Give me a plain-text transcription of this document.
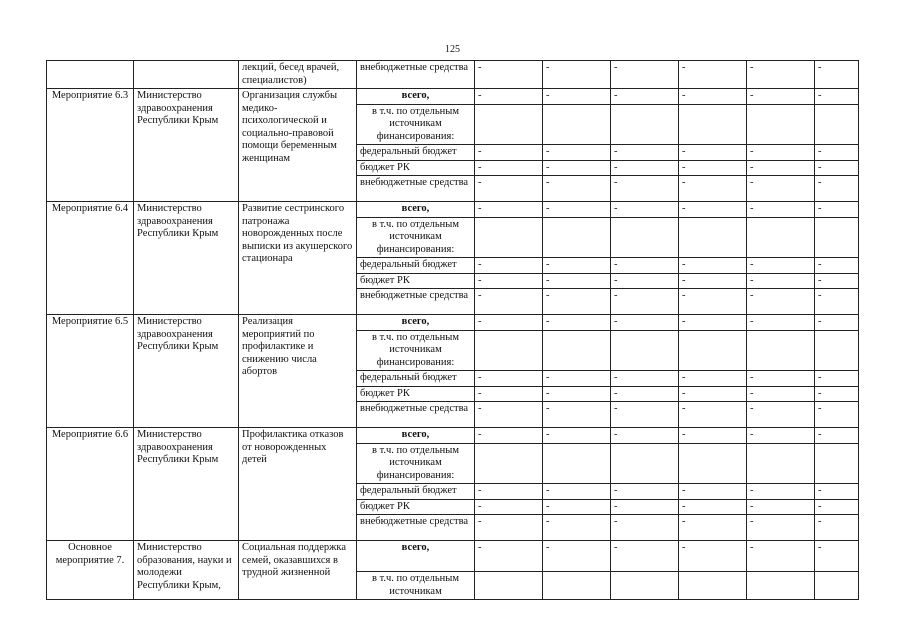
125
		лекций, бесед врачей, специалистов)	внебюджетные средства	-	-	-	-	-	-
Мероприятие 6.3	Министерство здравоохранения Республики Крым	Организация службы медико-психологической и социально-правовой помощи беременным женщинам	всего,	-	-	-	-	-	-
			в т.ч. по отдельным источникам финансирования:						
			федеральный бюджет	-	-	-	-	-	-
			бюджет РК	-	-	-	-	-	-
			внебюджетные средства	-	-	-	-	-	-
Мероприятие 6.4	Министерство здравоохранения Республики Крым	Развитие сестринского патронажа новорожденных после выписки из акушерского стационара	всего,	-	-	-	-	-	-
			в т.ч. по отдельным источникам финансирования:						
			федеральный бюджет	-	-	-	-	-	-
			бюджет РК	-	-	-	-	-	-
			внебюджетные средства	-	-	-	-	-	-
Мероприятие 6.5	Министерство здравоохранения Республики Крым	Реализация мероприятий по профилактике и снижению числа абортов	всего,	-	-	-	-	-	-
			в т.ч. по отдельным источникам финансирования:						
			федеральный бюджет	-	-	-	-	-	-
			бюджет РК	-	-	-	-	-	-
			внебюджетные средства	-	-	-	-	-	-
Мероприятие 6.6	Министерство здравоохранения Республики Крым	Профилактика отказов от новорожденных детей	всего,	-	-	-	-	-	-
			в т.ч. по отдельным источникам финансирования:						
			федеральный бюджет	-	-	-	-	-	-
			бюджет РК	-	-	-	-	-	-
			внебюджетные средства	-	-	-	-	-	-
Основное мероприятие 7.	Министерство образования, науки и молодежи Республики Крым,	Социальная поддержка семей, оказавшихся в трудной жизненной	всего,	-	-	-	-	-	-
			в т.ч. по отдельным источникам						
